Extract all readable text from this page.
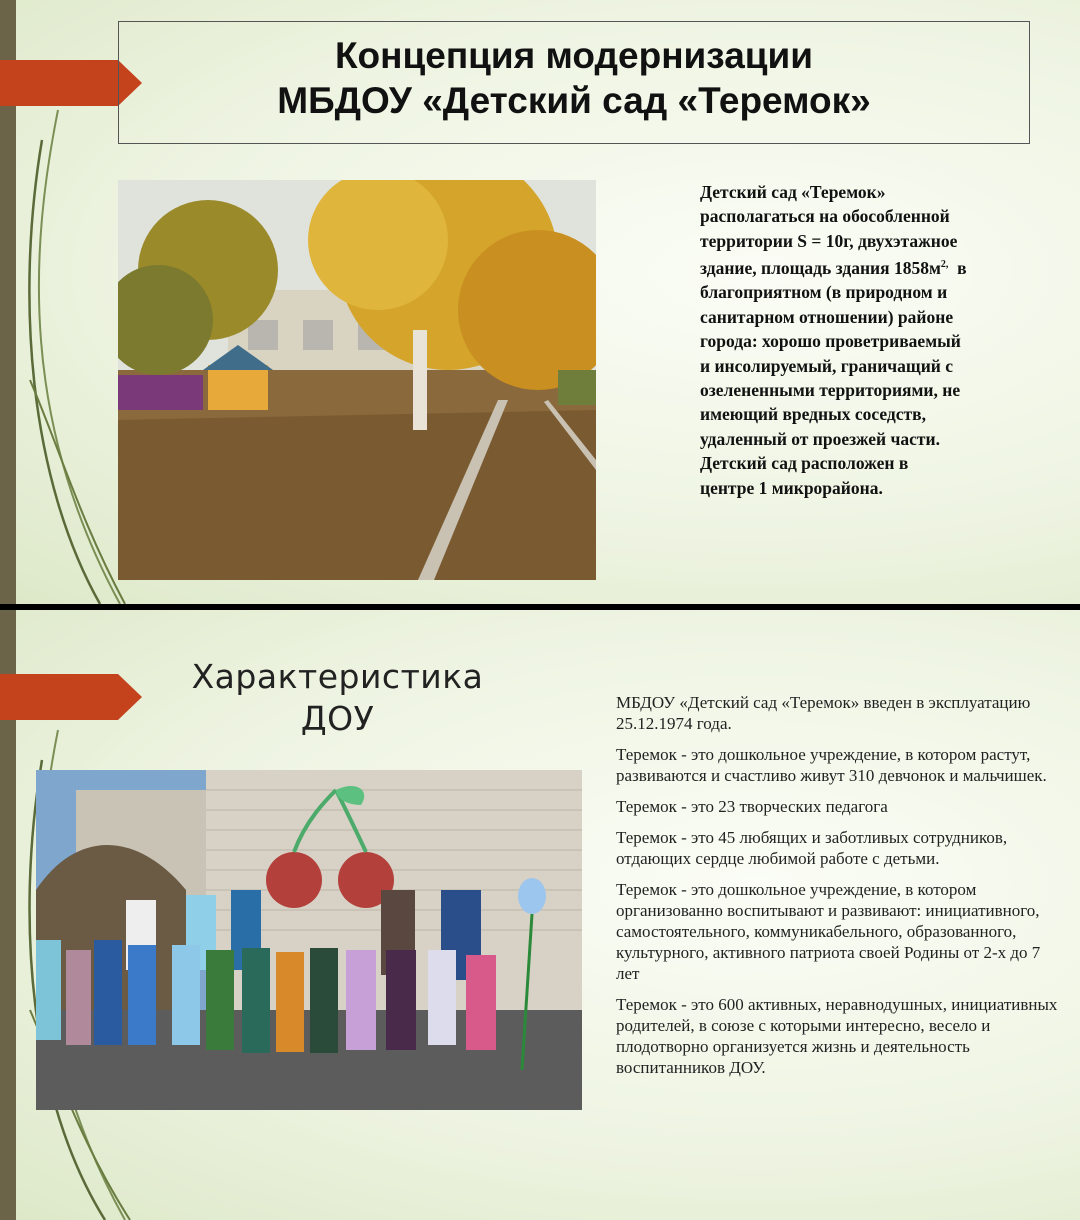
Концепция модернизации
МБДОУ «Детский сад «Теремок»
Детский сад «Теремок»
располагаться на обособленной
территории S = 10г, двухэтажное
здание, площадь здания $1858м^{2,}$  в
благоприятном (в природном и
санитарном отношении) районе
города: хорошо проветриваемый
и инсолируемый, граничащий с
озелененными территориями, не
имеющий вредных соседств,
удаленный от проезжей части.
Детский сад расположен в
центре 1 микрорайона.
Характеристика
ДОУ	МБДОУ «Детский сад «Теремок» введен в эксплуатацию 25.12.1974 года.

Теремок - это дошкольное учреждение, в котором растут, развиваются и счастливо живут 310 девчонок и мальчишек.

Теремок - это 23 творческих педагога

Теремок - это 45 любящих и заботливых сотрудников, отдающих сердце любимой работе с детьми.

Теремок - это дошкольное учреждение, в котором организованно воспитывают и развивают: инициативного, самостоятельного, коммуникабельного, образованного, культурного, активного патриота своей Родины от 2-х до 7 лет

Теремок - это 600 активных, неравнодушных, инициативных родителей, в союзе с которыми интересно, весело и плодотворно организуется жизнь и деятельность воспитанников ДОУ.
